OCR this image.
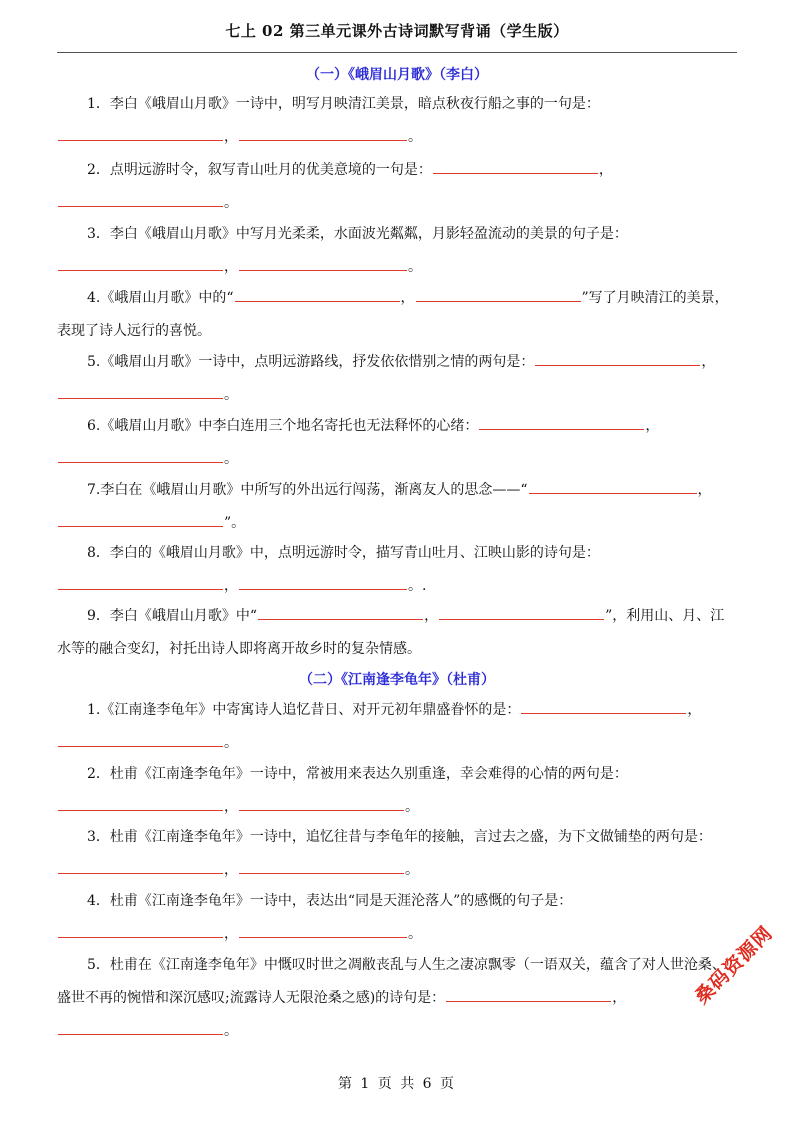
七上 02 第三单元课外古诗词默写背诵（学生版）
（一）《峨眉山月歌》（李白）

1．李白《峨眉山月歌》一诗中，明写月映清江美景，暗点秋夜行船之事的一句是：

，	。

2．点明远游时令，叙写青山吐月的优美意境的一句是：	，

。

3．李白《峨眉山月歌》中写月光柔柔，水面波光粼粼，月影轻盈流动的美景的句子是：

，	。

4.《峨眉山月歌》中的“	，	”写了月映清江的美景，表现了诗人远行的喜悦。

5.《峨眉山月歌》一诗中，点明远游路线，抒发依依惜别之情的两句是：	，

。

6.《峨眉山月歌》中李白连用三个地名寄托也无法释怀的心绪：	，

。

7.李白在《峨眉山月歌》中所写的外出远行闯荡，渐离友人的思念——“	，

”。

8．李白的《峨眉山月歌》中，点明远游时令，描写青山吐月、江映山影的诗句是：

，	。.

9．李白《峨眉山月歌》中“	，	”，利用山、月、江水等的融合变幻，衬托出诗人即将离开故乡时的复杂情感。

（二）《江南逢李龟年》（杜甫）

1.《江南逢李龟年》中寄寓诗人追忆昔日、对开元初年鼎盛眷怀的是：	，

。

2．杜甫《江南逢李龟年》一诗中，常被用来表达久别重逢，幸会难得的心情的两句是：

，	。

3．杜甫《江南逢李龟年》一诗中，追忆往昔与李龟年的接触，言过去之盛，为下文做铺垫的两句是：，	。

4．杜甫《江南逢李龟年》一诗中，表达出“同是天涯沦落人”的感慨的句子是：

，	。

5．杜甫在《江南逢李龟年》中慨叹时世之凋敝丧乱与人生之凄凉飘零（一语双关，蕴含了对人世沧桑、盛世不再的惋惜和深沉感叹;流露诗人无限沧桑之感)的诗句是：	，

。

第 1 页 共 6 页
桑码资源网
